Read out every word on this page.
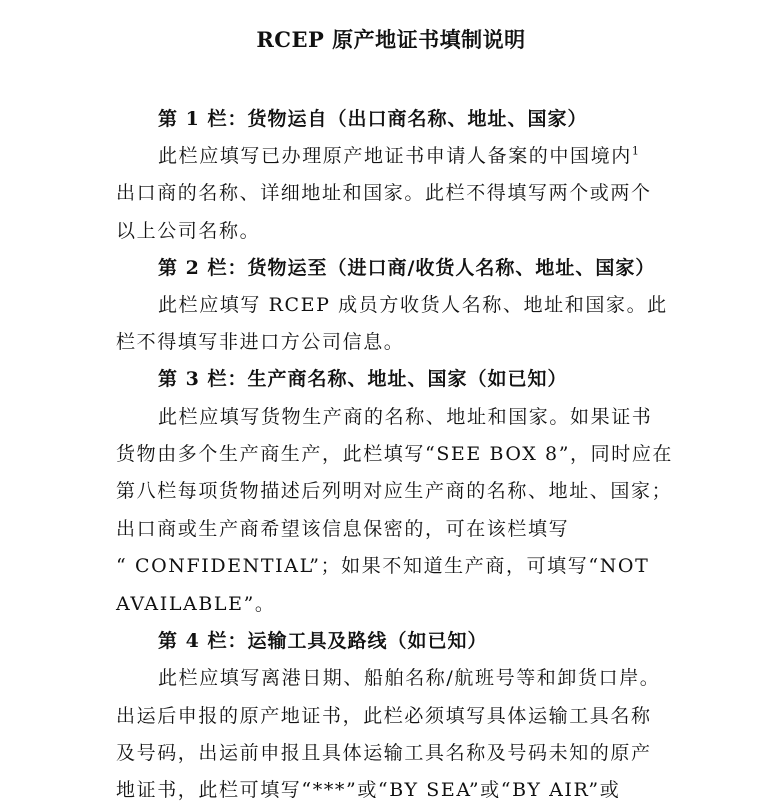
RCEP 原产地证书填制说明
第 1 栏：货物运自（出口商名称、地址、国家）
此栏应填写已办理原产地证书申请人备案的中国境内$^1$
出口商的名称、详细地址和国家。此栏不得填写两个或两个
以上公司名称。
第 2 栏：货物运至（进口商/收货人名称、地址、国家）
此栏应填写 RCEP 成员方收货人名称、地址和国家。此
栏不得填写非进口方公司信息。
第 3 栏：生产商名称、地址、国家（如已知）
此栏应填写货物生产商的名称、地址和国家。如果证书
货物由多个生产商生产，此栏填写“SEE BOX 8”，同时应在
第八栏每项货物描述后列明对应生产商的名称、地址、国家；
出口商或生产商希望该信息保密的，可在该栏填写
“ CONFIDENTIAL”；如果不知道生产商，可填写“NOT
AVAILABLE”。
第 4 栏：运输工具及路线（如已知）
此栏应填写离港日期、船舶名称/航班号等和卸货口岸。
出运后申报的原产地证书，此栏必须填写具体运输工具名称
及号码，出运前申报且具体运输工具名称及号码未知的原产
地证书，此栏可填写“***”或“BY SEA”或“BY AIR”或
